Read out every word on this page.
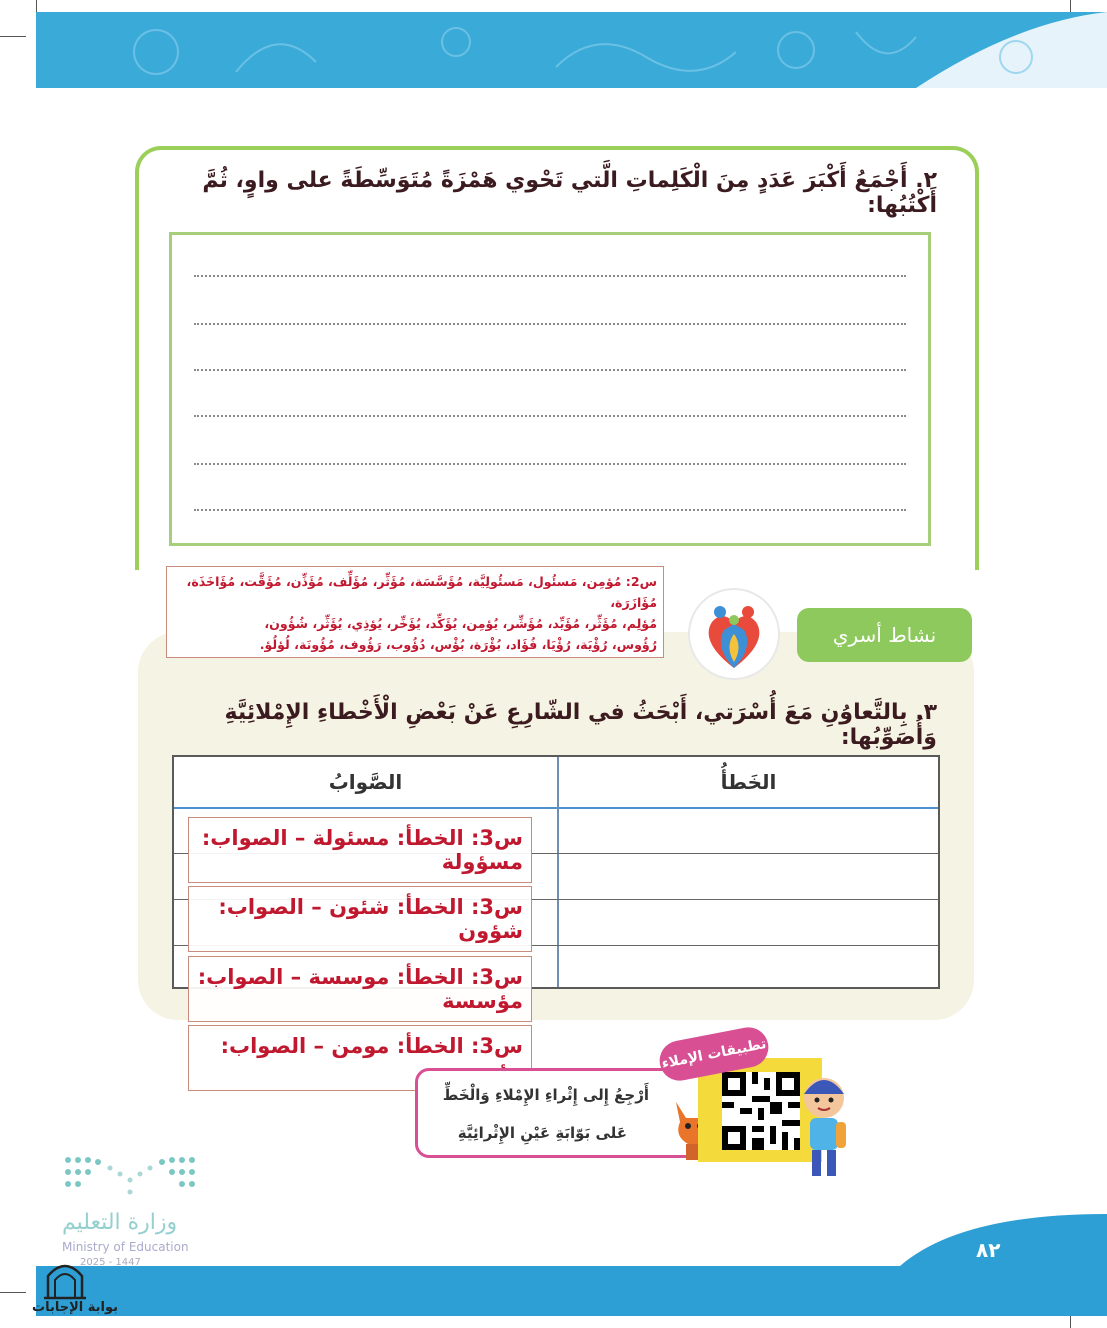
٢. أَجْمَعُ أَكْبَرَ عَدَدٍ مِنَ الْكَلِماتِ الَّتي تَحْوي هَمْزَةً مُتَوَسِّطَةً على واوٍ، ثُمَّ أَكْتُبُها:
نشاط أسري
س2: مُؤمِن، مَسئُول، مَسئُولِيَّة، مُؤَسَّسَة، مُؤَثِّر، مُؤَلِّف، مُؤَذِّن، مُؤَقَّت، مُؤَاخَذَة، مُؤَازَرَة،
مُؤلِم، مُؤَثِّر، مُؤَيِّد، مُؤَشِّر، يُؤمِن، يُؤَكِّد، يُؤَخِّر، يُؤذِي، يُؤَثِّر، شُؤُون،
رُؤُوس، رُؤْيَة، رُؤْيَا، فُؤَاد، بُؤْرَة، بُؤْس، دُؤُوب، رَؤُوف، مُؤُونَة، لُؤلُؤ.
٣. بِالتَّعاوُنِ مَعَ أُسْرَتي، أَبْحَثُ في الشّارِعِ عَنْ بَعْضِ الْأَخْطاءِ الإِمْلائِيَّةِ وَأُصَوِّبُها:
الخَطأُ
الصَّوابُ
س3: الخطأ: مسئولة – الصواب: مسؤولة
س3: الخطأ: شئون – الصواب: شؤون
س3: الخطأ: موسسة – الصواب: مؤسسة
س3: الخطأ: مومن – الصواب:
أَرْجِعُ إِلى إِثْراءِ الإِمْلاءِ وَالْخَطِّ
عَلى بَوّابَةِ عَيْنِ الإِثْرائِيَّةِ
تطبيقات الإملاء
٨٢
وزارة التعليم
Ministry of Education
2025 - 1447
بوابة الإجابات
